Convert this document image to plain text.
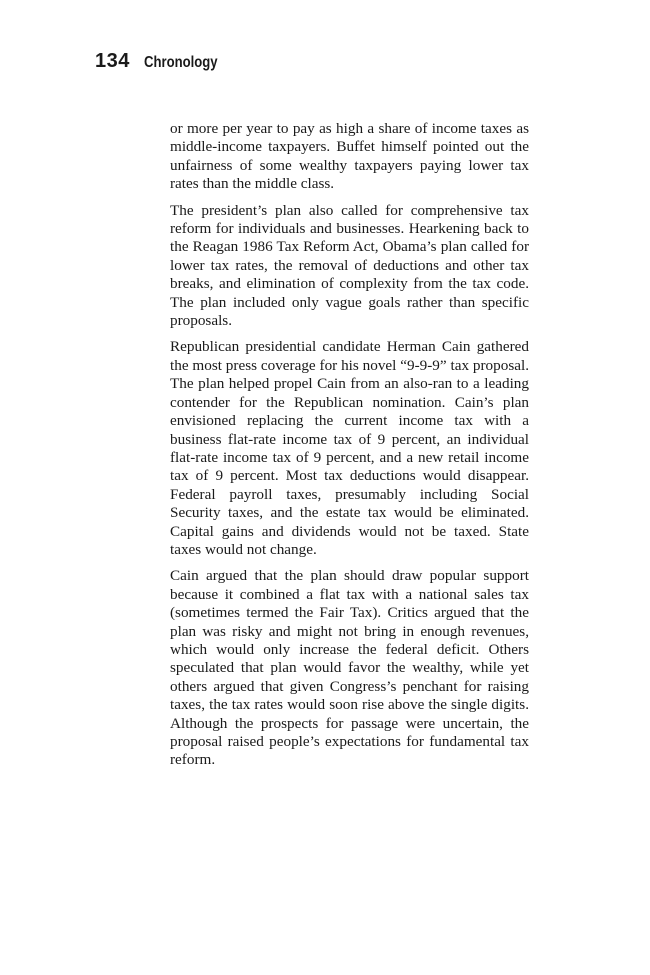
134 Chronology

or more per year to pay as high a share of income taxes as middle-income taxpayers. Buffet himself pointed out the unfairness of some wealthy taxpayers paying lower tax rates than the middle class.

The president’s plan also called for comprehensive tax reform for individuals and businesses. Hearkening back to the Reagan 1986 Tax Reform Act, Obama’s plan called for lower tax rates, the removal of deductions and other tax breaks, and elimination of complexity from the tax code. The plan included only vague goals rather than specific proposals.

Republican presidential candidate Herman Cain gathered the most press coverage for his novel “9-9-9” tax proposal. The plan helped propel Cain from an also-ran to a leading contender for the Republican nomination. Cain’s plan envisioned replacing the current income tax with a business flat-rate income tax of 9 percent, an individual flat-rate income tax of 9 percent, and a new retail income tax of 9 percent. Most tax deductions would disappear. Federal payroll taxes, presumably including Social Security taxes, and the estate tax would be eliminated. Capital gains and dividends would not be taxed. State taxes would not change.

Cain argued that the plan should draw popular support because it combined a flat tax with a national sales tax (sometimes termed the Fair Tax). Critics argued that the plan was risky and might not bring in enough revenues, which would only increase the federal deficit. Others speculated that plan would favor the wealthy, while yet others argued that given Congress’s penchant for raising taxes, the tax rates would soon rise above the single digits. Although the prospects for passage were uncertain, the proposal raised people’s expectations for fundamental tax reform.
